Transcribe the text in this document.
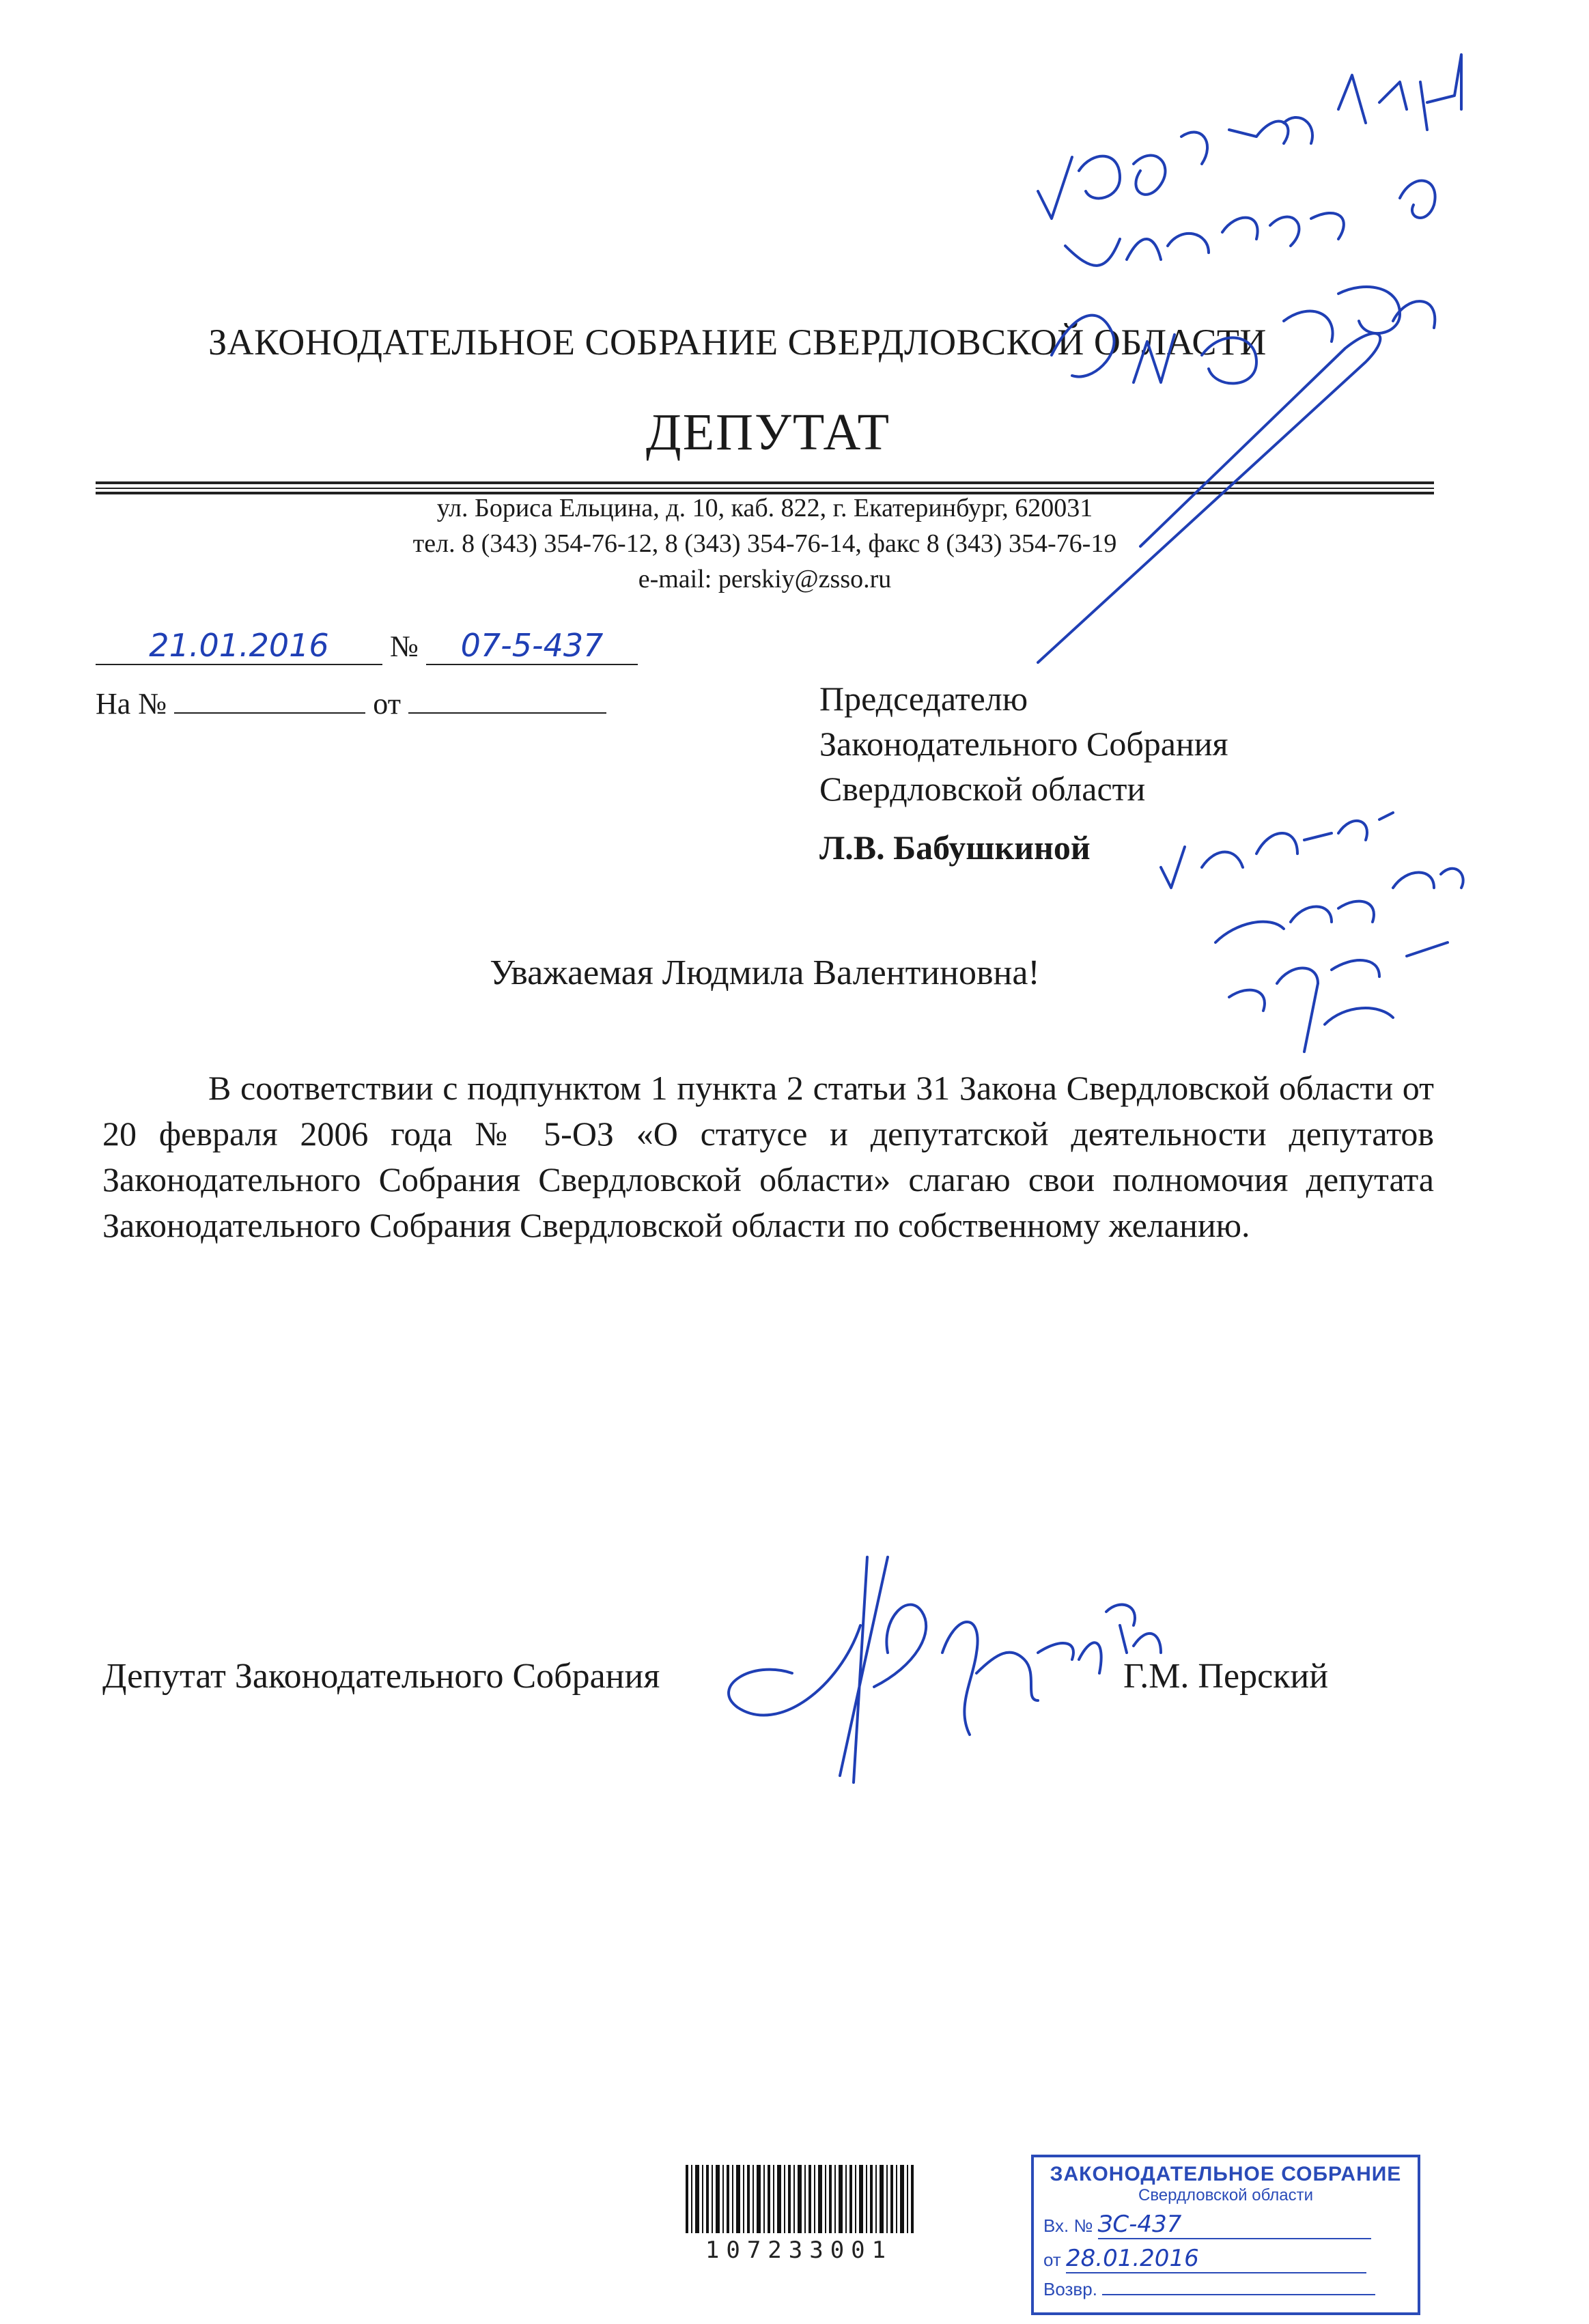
ЗАКОНОДАТЕЛЬНОЕ СОБРАНИЕ СВЕРДЛОВСКОЙ ОБЛАСТИ
ДЕПУТАТ
ул. Бориса Ельцина, д. 10, каб. 822, г. Екатеринбург, 620031
тел. 8 (343) 354-76-12, 8 (343) 354-76-14, факс 8 (343) 354-76-19
e-mail: perskiy@zsso.ru
21.01.2016 № 07-5-437
На №	от	Председателю
Законодательного Собрания
Свердловской области
Л.В. Бабушкиной
Уважаемая Людмила Валентиновна!
В соответствии с подпунктом 1 пункта 2 статьи 31 Закона Свердловской области от 20 февраля 2006 года № 5-ОЗ «О статусе и депутатской деятельности депутатов Законодательного Собрания Свердловской области» слагаю свои полномочия депутата Законодательного Собрания Свердловской области по собственному желанию.
Депутат Законодательного Собрания	Г.М. Перский
107233001
ЗАКОНОДАТЕЛЬНОЕ СОБРАНИЕ
Свердловской области
Вх. № ЗС-437
от 28.01.2016
Возвр.
